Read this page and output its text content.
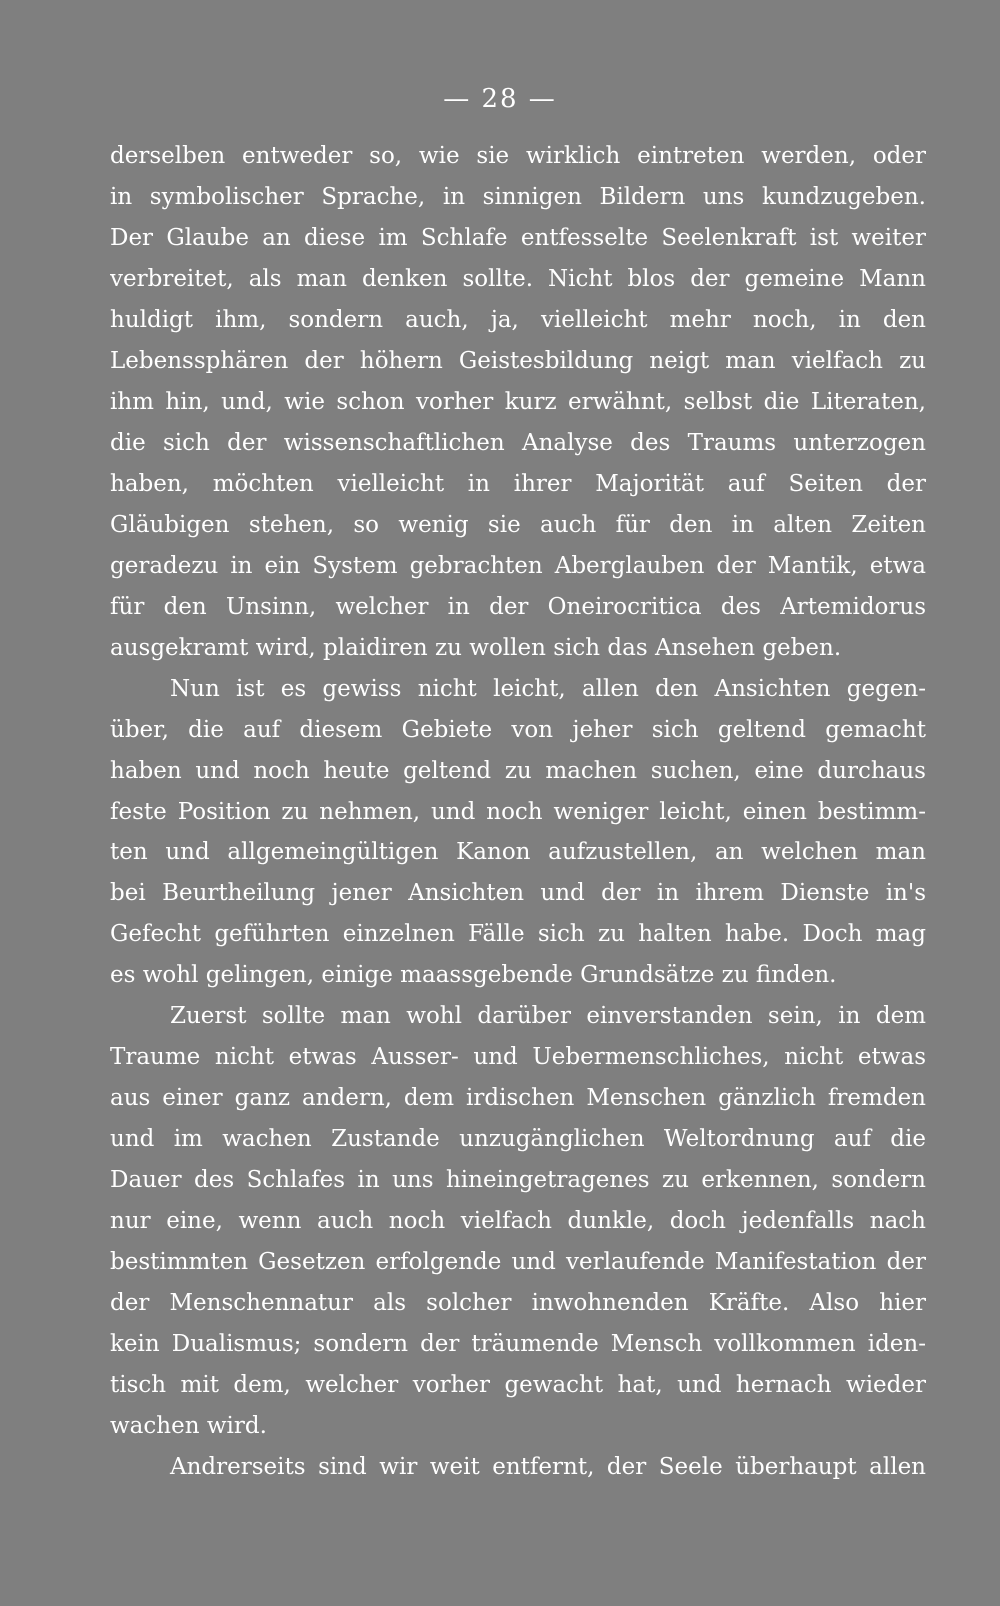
— 28 —
derselben entweder so, wie sie wirklich eintreten werden, oder
in symbolischer Sprache, in sinnigen Bildern uns kundzugeben.
Der Glaube an diese im Schlafe entfesselte Seelenkraft ist weiter
verbreitet, als man denken sollte. Nicht blos der gemeine Mann
huldigt ihm, sondern auch, ja, vielleicht mehr noch, in den
Lebenssphären der höhern Geistesbildung neigt man vielfach zu
ihm hin, und, wie schon vorher kurz erwähnt, selbst die Literaten,
die sich der wissenschaftlichen Analyse des Traums unterzogen
haben, möchten vielleicht in ihrer Majorität auf Seiten der
Gläubigen stehen, so wenig sie auch für den in alten Zeiten
geradezu in ein System gebrachten Aberglauben der Mantik, etwa
für den Unsinn, welcher in der Oneirocritica des Artemidorus
ausgekramt wird, plaidiren zu wollen sich das Ansehen geben.
Nun ist es gewiss nicht leicht, allen den Ansichten gegen-
über, die auf diesem Gebiete von jeher sich geltend gemacht
haben und noch heute geltend zu machen suchen, eine durchaus
feste Position zu nehmen, und noch weniger leicht, einen bestimm-
ten und allgemeingültigen Kanon aufzustellen, an welchen man
bei Beurtheilung jener Ansichten und der in ihrem Dienste in's
Gefecht geführten einzelnen Fälle sich zu halten habe. Doch mag
es wohl gelingen, einige maassgebende Grundsätze zu finden.
Zuerst sollte man wohl darüber einverstanden sein, in dem
Traume nicht etwas Ausser- und Uebermenschliches, nicht etwas
aus einer ganz andern, dem irdischen Menschen gänzlich fremden
und im wachen Zustande unzugänglichen Weltordnung auf die
Dauer des Schlafes in uns hineingetragenes zu erkennen, sondern
nur eine, wenn auch noch vielfach dunkle, doch jedenfalls nach
bestimmten Gesetzen erfolgende und verlaufende Manifestation der
der Menschennatur als solcher inwohnenden Kräfte. Also hier
kein Dualismus; sondern der träumende Mensch vollkommen iden-
tisch mit dem, welcher vorher gewacht hat, und hernach wieder
wachen wird.
Andrerseits sind wir weit entfernt, der Seele überhaupt allen
